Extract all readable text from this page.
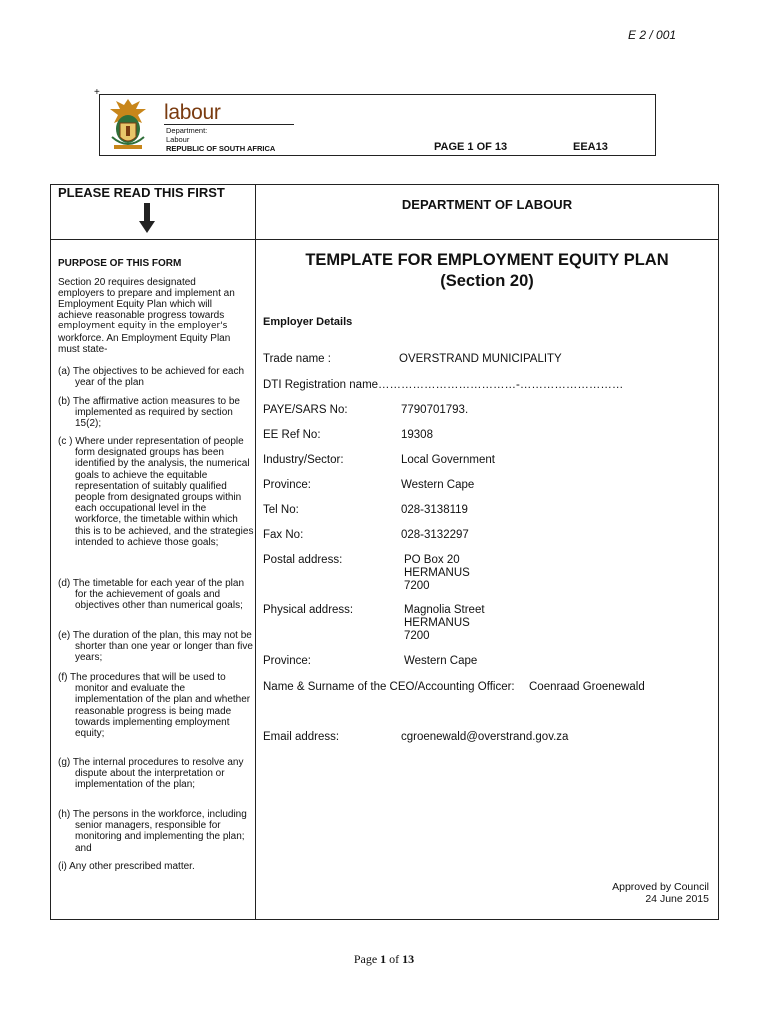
E 2 / 001
+
labour
Department:
Labour
REPUBLIC OF SOUTH AFRICA	PAGE 1 OF 13	EEA13
PLEASE READ THIS FIRST
DEPARTMENT OF LABOUR
PURPOSE OF THIS FORM
Section 20 requires designated
employers to prepare and implement an
Employment Equity Plan which will
achieve reasonable progress towards
employment equity in the employer's
workforce. An Employment Equity Plan
must state-
(a) The objectives to be achieved for each year of the plan
(b) The affirmative action measures to be implemented as required by section 15(2);
(c ) Where under representation of people form designated groups has been identified by the analysis, the numerical goals to achieve the equitable representation of suitably qualified people from designated groups within each occupational level in the workforce, the timetable within which this is to be achieved, and the strategies intended to achieve those goals;
(d) The timetable for each year of the plan for the achievement of goals and objectives other than numerical goals;
(e) The duration of the plan, this may not be shorter than one year or longer than five years;
(f) The procedures that will be used to monitor and evaluate the implementation of the plan and whether reasonable progress is being made towards implementing employment equity;
(g) The internal procedures to resolve any dispute about the interpretation or implementation of the plan;
(h) The persons in the workforce, including senior managers, responsible for monitoring and implementing the plan; and
(i) Any other prescribed matter.
TEMPLATE FOR EMPLOYMENT EQUITY PLAN
(Section 20)
Employer Details
Trade name :	OVERSTRAND MUNICIPALITY
DTI Registration name………………………………-………………………
PAYE/SARS No:	7790701793.
EE Ref No:	19308
Industry/Sector:	Local Government
Province:	Western Cape
Tel No:	028-3138119
Fax No:	028-3132297
Postal address:	PO Box 20
HERMANUS
7200
Physical address:	Magnolia Street
HERMANUS
7200
Province:	Western Cape
Name & Surname of the CEO/Accounting Officer: Coenraad Groenewald
Email address:	cgroenewald@overstrand.gov.za
Approved by Council
24 June 2015
Page 1 of 13
